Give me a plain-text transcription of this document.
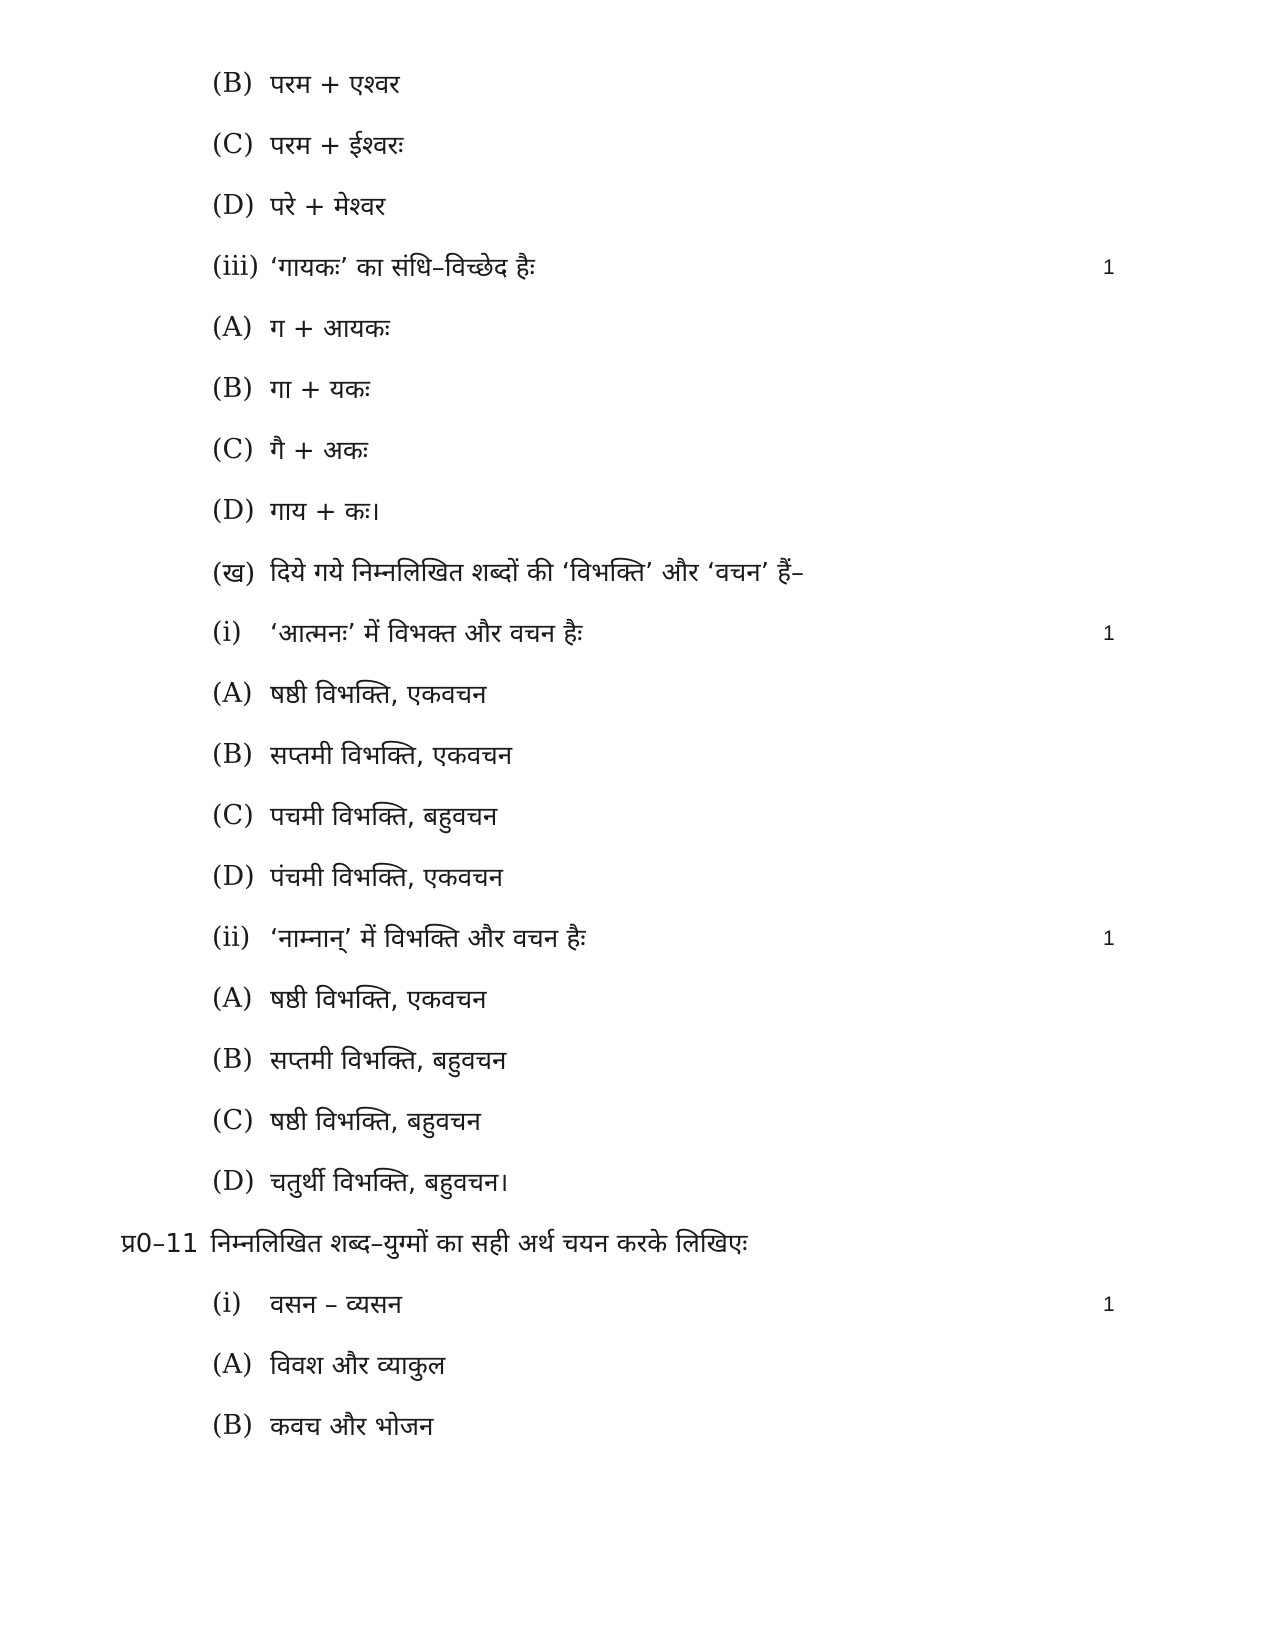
(B) परम + एश्वर
(C) परम + ईश्वरः
(D) परे + मेश्वर
(iii) ‘गायकः’ का संधि–विच्छेद हैः	1
(A) ग + आयकः
(B) गा + यकः
(C) गै + अकः
(D) गाय + कः।
(ख) दिये गये निम्नलिखित शब्दों की ‘विभक्ति’ और ‘वचन’ हैं–
(i)	‘आत्मनः’ में विभक्त और वचन हैः	1
(A) षष्ठी विभक्ति, एकवचन
(B) सप्तमी विभक्ति, एकवचन
(C) पचमी विभक्ति, बहुवचन
(D) पंचमी विभक्ति, एकवचन
(ii) ‘नाम्नान्’ में विभक्ति और वचन हैः	1
(A) षष्ठी विभक्ति, एकवचन
(B) सप्तमी विभक्ति, बहुवचन
(C) षष्ठी विभक्ति, बहुवचन
(D) चतुर्थी विभक्ति, बहुवचन।
प्र0–11 निम्नलिखित शब्द–युग्मों का सही अर्थ चयन करके लिखिएः
(i)	वसन – व्यसन	1
(A) विवश और व्याकुल
(B) कवच और भोजन
